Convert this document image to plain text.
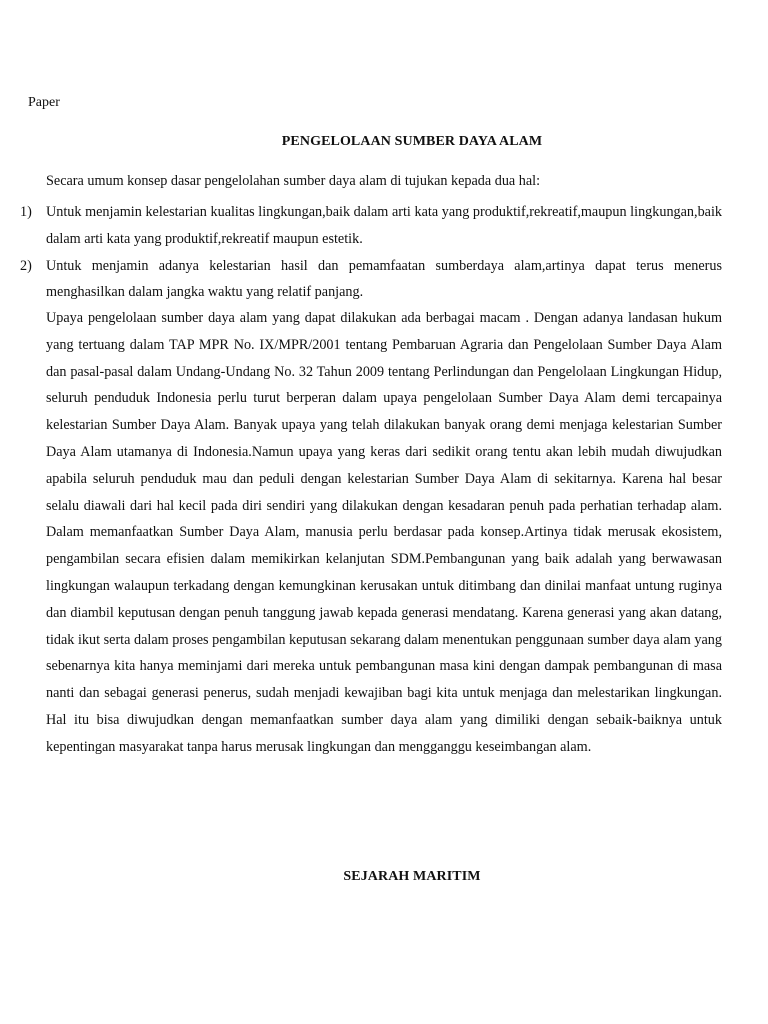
Paper
PENGELOLAAN SUMBER DAYA ALAM
Secara umum konsep dasar pengelolahan sumber daya alam di tujukan kepada dua hal:
1) Untuk menjamin kelestarian kualitas lingkungan,baik dalam arti kata yang produktif,rekreatif,maupun lingkungan,baik dalam arti kata yang produktif,rekreatif maupun estetik.
2) Untuk menjamin adanya kelestarian hasil dan pemamfaatan sumberdaya alam,artinya dapat terus menerus menghasilkan dalam jangka waktu yang relatif panjang.
Upaya pengelolaan sumber daya alam yang dapat dilakukan ada berbagai macam . Dengan adanya landasan hukum yang tertuang dalam TAP MPR No. IX/MPR/2001 tentang Pembaruan Agraria dan Pengelolaan Sumber Daya Alam dan pasal-pasal dalam Undang-Undang No. 32 Tahun 2009 tentang Perlindungan dan Pengelolaan Lingkungan Hidup, seluruh penduduk Indonesia perlu turut berperan dalam upaya pengelolaan Sumber Daya Alam demi tercapainya kelestarian Sumber Daya Alam. Banyak upaya yang telah dilakukan banyak orang demi menjaga kelestarian Sumber Daya Alam utamanya di Indonesia.Namun upaya yang keras dari sedikit orang tentu akan lebih mudah diwujudkan apabila seluruh penduduk mau dan peduli dengan kelestarian Sumber Daya Alam di sekitarnya. Karena hal besar selalu diawali dari hal kecil pada diri sendiri yang dilakukan dengan kesadaran penuh pada perhatian terhadap alam. Dalam memanfaatkan Sumber Daya Alam, manusia perlu berdasar pada konsep.Artinya tidak merusak ekosistem, pengambilan secara efisien dalam memikirkan kelanjutan SDM.Pembangunan yang baik adalah yang berwawasan lingkungan walaupun terkadang dengan kemungkinan kerusakan untuk ditimbang dan dinilai manfaat untung ruginya dan diambil keputusan dengan penuh tanggung jawab kepada generasi mendatang. Karena generasi yang akan datang, tidak ikut serta dalam proses pengambilan keputusan sekarang dalam menentukan penggunaan sumber daya alam yang sebenarnya kita hanya meminjami dari mereka untuk pembangunan masa kini dengan dampak pembangunan di masa nanti dan sebagai generasi penerus, sudah menjadi kewajiban bagi kita untuk menjaga dan melestarikan lingkungan. Hal itu bisa diwujudkan dengan memanfaatkan sumber daya alam yang dimiliki dengan sebaik-baiknya untuk kepentingan masyarakat tanpa harus merusak lingkungan dan mengganggu keseimbangan alam.
SEJARAH MARITIM
